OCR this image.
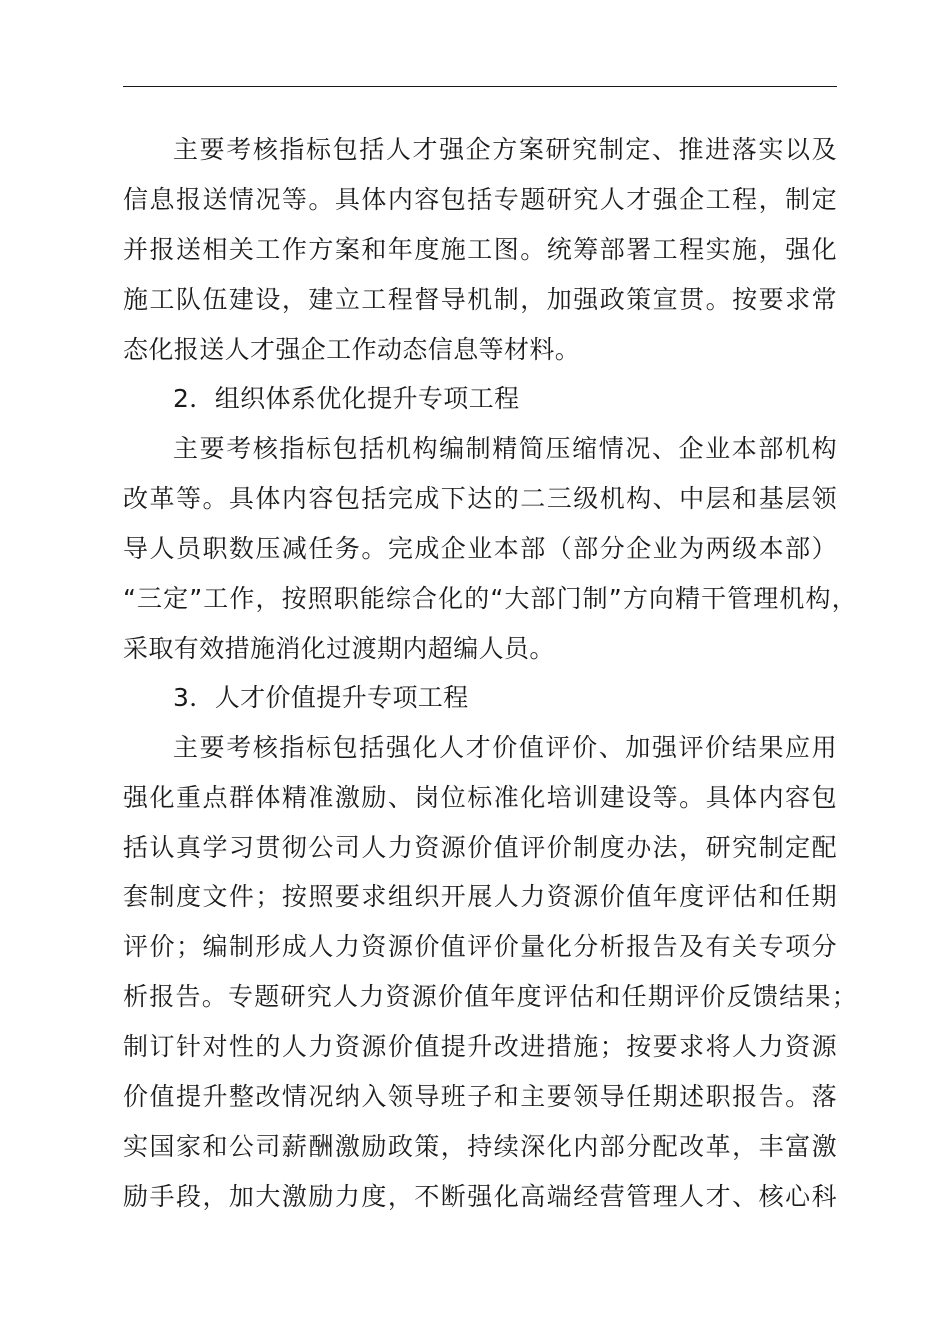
主要考核指标包括人才强企方案研究制定、推进落实以及
信息报送情况等。具体内容包括专题研究人才强企工程，制定
并报送相关工作方案和年度施工图。统筹部署工程实施，强化
施工队伍建设，建立工程督导机制，加强政策宣贯。按要求常
态化报送人才强企工作动态信息等材料。
2．组织体系优化提升专项工程
主要考核指标包括机构编制精简压缩情况、企业本部机构
改革等。具体内容包括完成下达的二三级机构、中层和基层领
导人员职数压减任务。完成企业本部（部分企业为两级本部）
“三定”工作，按照职能综合化的“大部门制”方向精干管理机构，
采取有效措施消化过渡期内超编人员。
3．人才价值提升专项工程
主要考核指标包括强化人才价值评价、加强评价结果应用
强化重点群体精准激励、岗位标准化培训建设等。具体内容包
括认真学习贯彻公司人力资源价值评价制度办法，研究制定配
套制度文件；按照要求组织开展人力资源价值年度评估和任期
评价；编制形成人力资源价值评价量化分析报告及有关专项分
析报告。专题研究人力资源价值年度评估和任期评价反馈结果；
制订针对性的人力资源价值提升改进措施；按要求将人力资源
价值提升整改情况纳入领导班子和主要领导任期述职报告。落
实国家和公司薪酬激励政策，持续深化内部分配改革，丰富激
励手段，加大激励力度，不断强化高端经营管理人才、核心科
